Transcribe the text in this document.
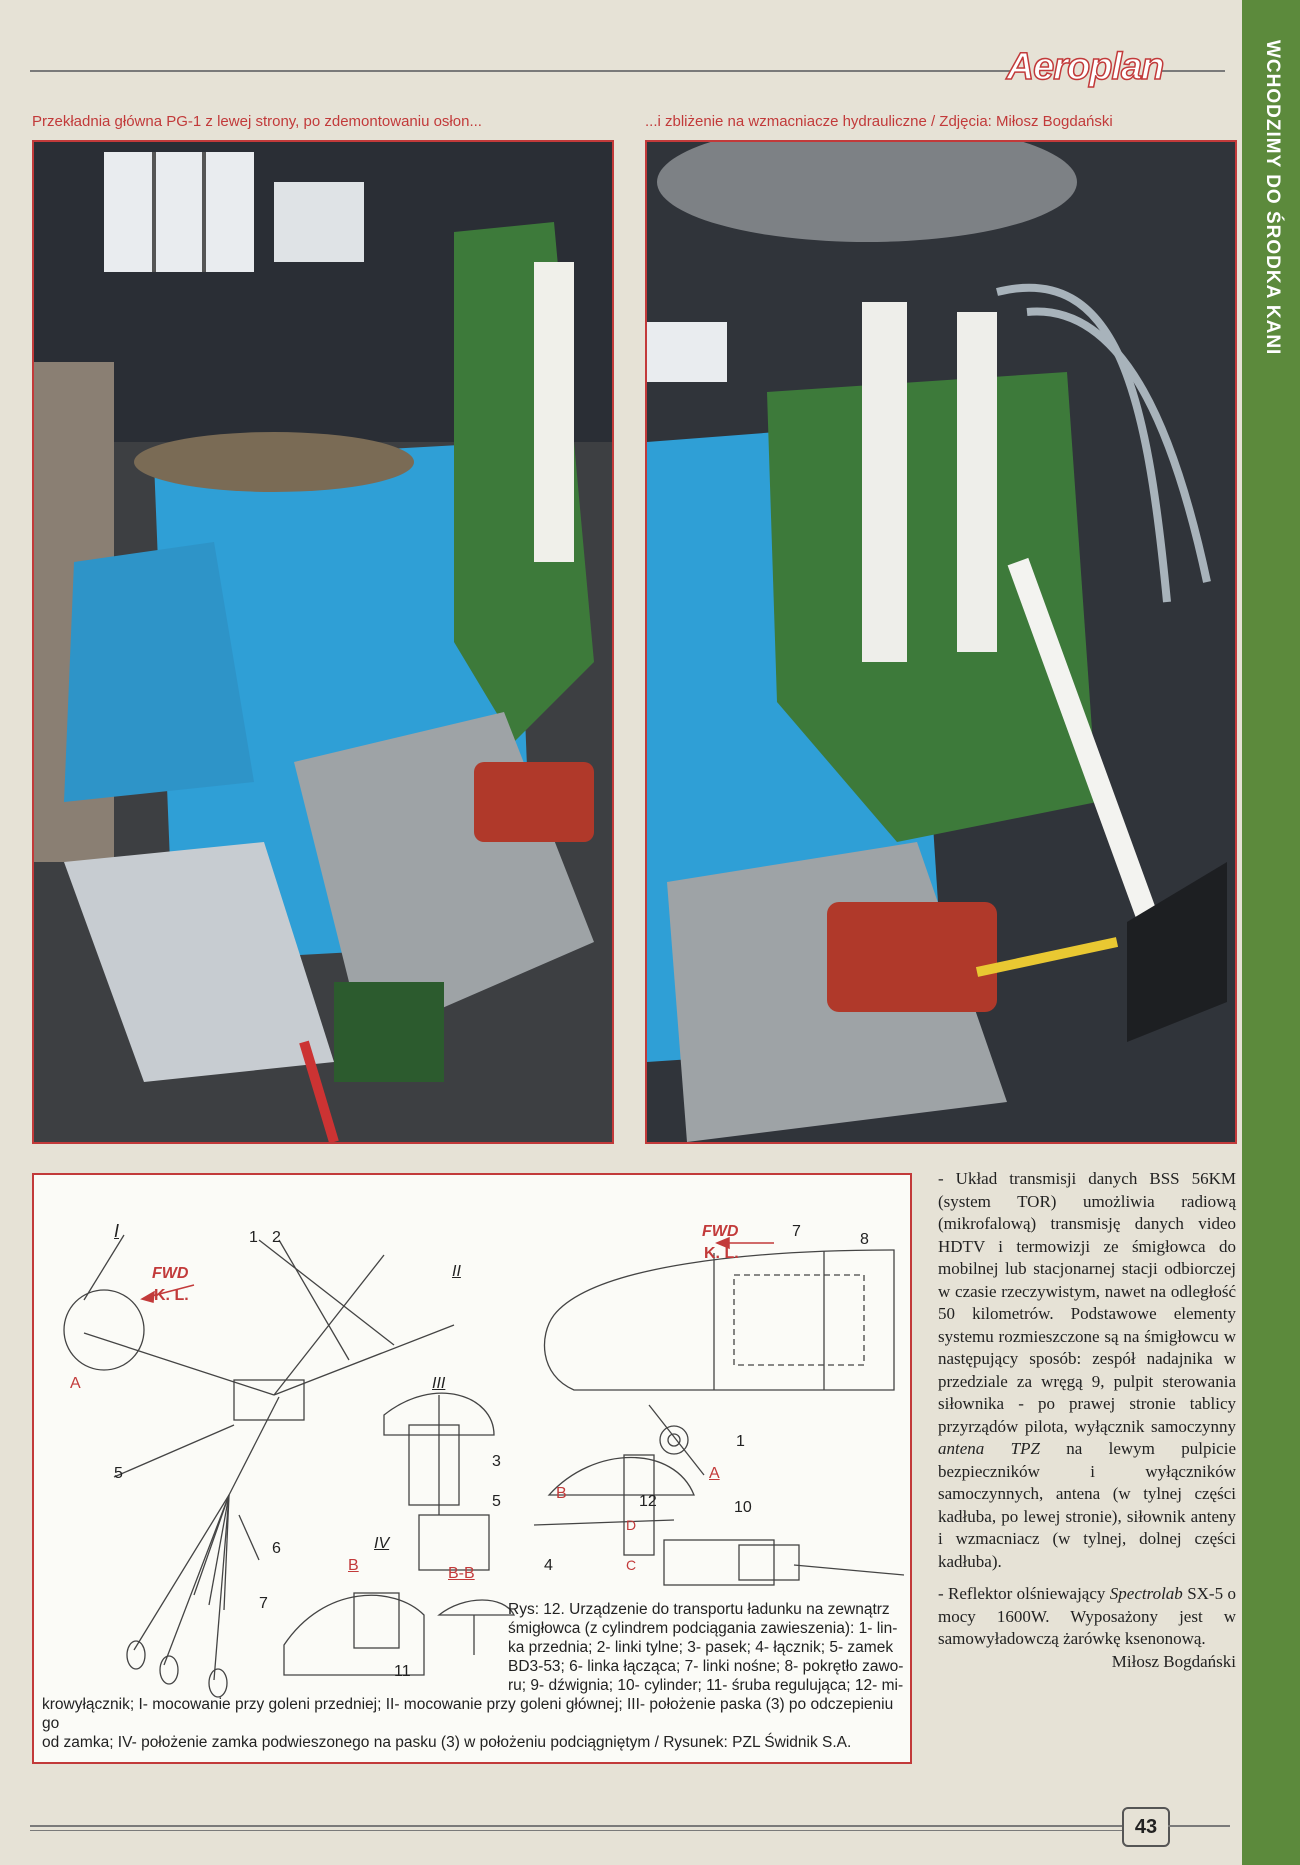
Aeroplan	WCHODZIMY DO ŚRODKA KANI
Przekładnia główna PG-1 z lewej strony, po zdemontowaniu osłon...	...i zbliżenie na wzmacniacze hydrauliczne / Zdjęcia: Miłosz Bogdański
I
FWD
K. L.
A
1 2
II
III
3
5
5
6
7
IV
B	B-B
11
FWD
K. L.
7	8
1
A
B	12	10
D
C
4
Rys: 12. Urządzenie do transportu ładunku na zewnątrz
śmigłowca (z cylindrem podciągania zawieszenia): 1- lin-
ka przednia; 2- linki tylne; 3- pasek; 4- łącznik; 5- zamek
BD3-53; 6- linka łącząca; 7- linki nośne; 8- pokrętło zawo-
ru; 9- dźwignia; 10- cylinder; 11- śruba regulująca; 12- mi-
krowyłącznik; I- mocowanie przy goleni przedniej; II- mocowanie przy goleni głównej; III- położenie paska (3) po odczepieniu go
od zamka; IV- położenie zamka podwieszonego na pasku (3) w położeniu podciągniętym / Rysunek: PZL Świdnik S.A.

- Układ transmisji danych BSS 56KM (system TOR) umożliwia radiową (mikrofalową) transmisję danych video HDTV i termowizji ze śmigłowca do mobilnej lub stacjonarnej stacji odbiorczej w czasie rzeczywistym, nawet na odległość 50 kilometrów. Podstawowe elementy systemu rozmieszczone są na śmigłowcu w następujący sposób: zespół nadajnika w przedziale za wręgą 9, pulpit sterowania siłownika - po prawej stronie tablicy przyrządów pilota, wyłącznik samoczynny antena TPZ na lewym pulpicie bezpieczników i wyłączników samoczynnych, antena (w tylnej części kadłuba, po lewej stronie), siłownik anteny i wzmacniacz (w tylnej, dolnej części kadłuba).

- Reflektor olśniewający Spectrolab SX-5 o mocy 1600W. Wyposażony jest w samowyładowczą żarówkę ksenonową.

Miłosz Bogdański

43
